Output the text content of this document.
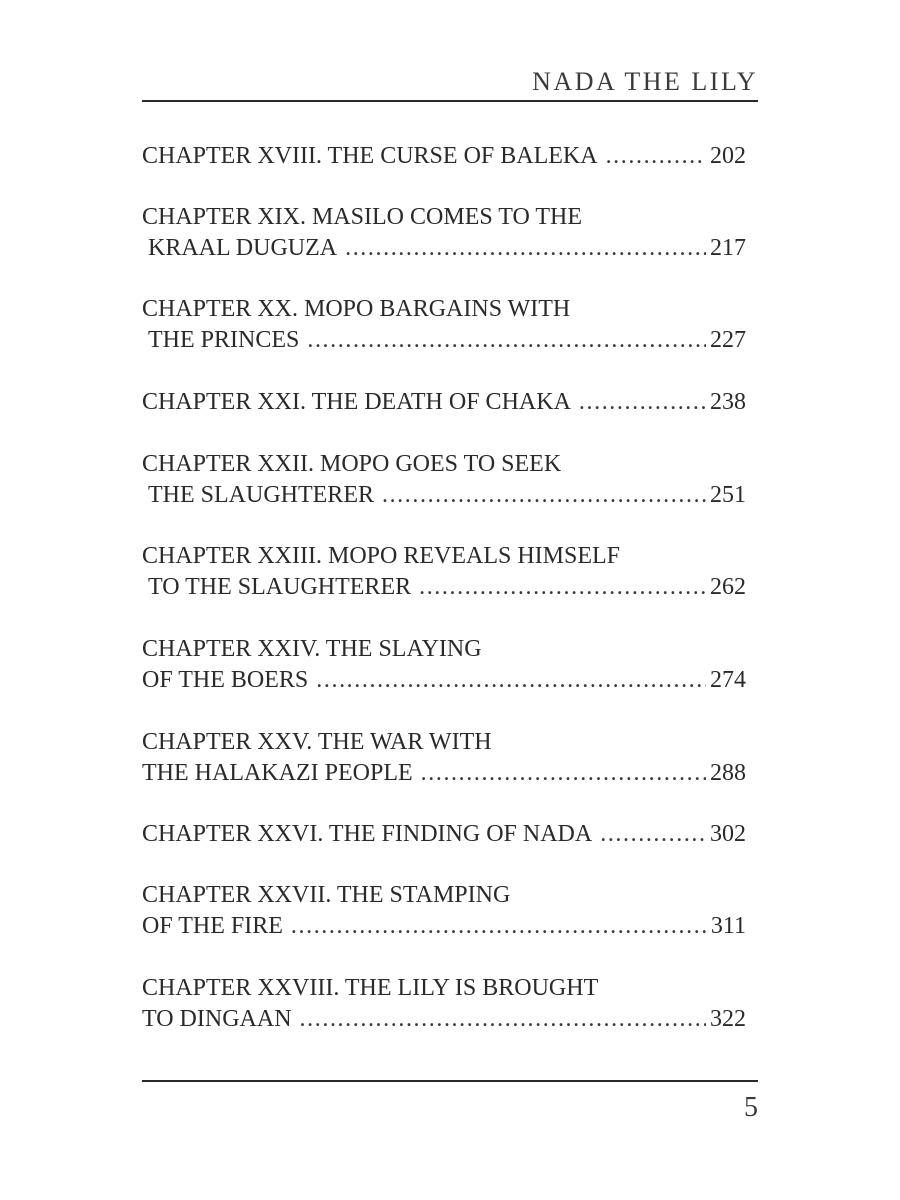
NADA THE LILY
CHAPTER XVIII. THE CURSE OF BALEKA . . .	202
CHAPTER XIX. MASILO COMES TO THE
KRAAL DUGUZA . . .	217
CHAPTER XX. MOPO BARGAINS WITH
THE PRINCES . . .	227
CHAPTER XXI. THE DEATH OF CHAKA . . .	238
CHAPTER XXII. MOPO GOES TO SEEK
THE SLAUGHTERER . . .	251
CHAPTER XXIII. MOPO REVEALS HIMSELF
TO THE SLAUGHTERER . . .	262
CHAPTER XXIV. THE SLAYING
OF THE BOERS . . .	274
CHAPTER XXV. THE WAR WITH
THE HALAKAZI PEOPLE . . .	288
CHAPTER XXVI. THE FINDING OF NADA . . .	302
CHAPTER XXVII. THE STAMPING
OF THE FIRE . . .	311
CHAPTER XXVIII. THE LILY IS BROUGHT
TO DINGAAN . . .	322
5
